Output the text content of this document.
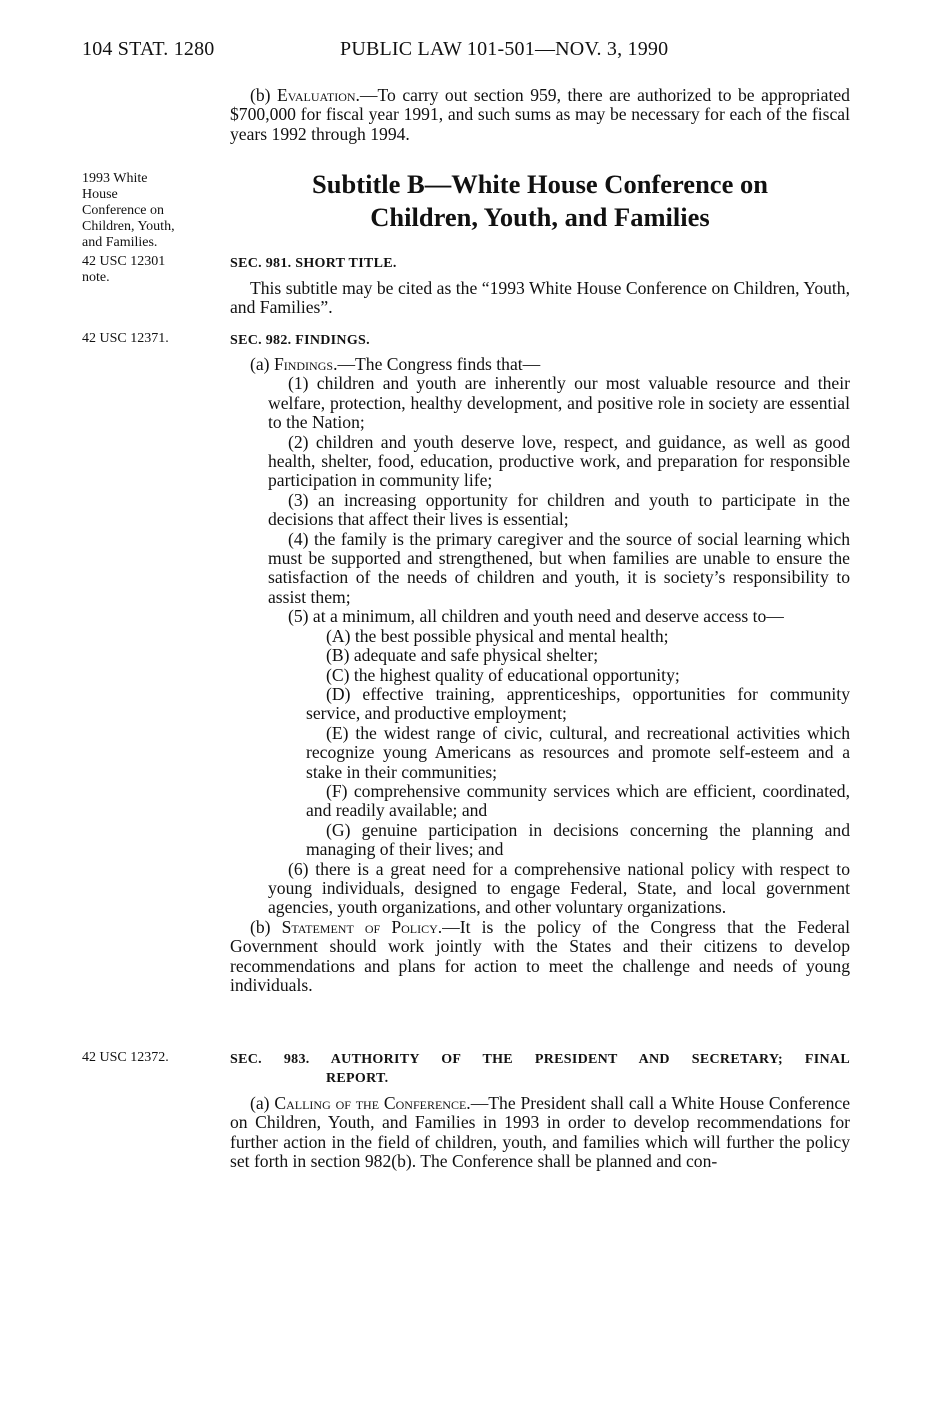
104 STAT. 1280	PUBLIC LAW 101-501—NOV. 3, 1990

(b) Evaluation.—To carry out section 959, there are authorized to be appropriated $700,000 for fiscal year 1991, and such sums as may be necessary for each of the fiscal years 1992 through 1994.

1993 White
House
Conference on
Children, Youth,
and Families.
42 USC 12301
note.
42 USC 12371.
42 USC 12372.
Subtitle B—White House Conference on
Children, Youth, and Families
SEC. 981. SHORT TITLE.

This subtitle may be cited as the “1993 White House Conference on Children, Youth, and Families”.

SEC. 982. FINDINGS.

(a) Findings.—The Congress finds that—

(1) children and youth are inherently our most valuable resource and their welfare, protection, healthy development, and positive role in society are essential to the Nation;

(2) children and youth deserve love, respect, and guidance, as well as good health, shelter, food, education, productive work, and preparation for responsible participation in community life;

(3) an increasing opportunity for children and youth to participate in the decisions that affect their lives is essential;

(4) the family is the primary caregiver and the source of social learning which must be supported and strengthened, but when families are unable to ensure the satisfaction of the needs of children and youth, it is society’s responsibility to assist them;

(5) at a minimum, all children and youth need and deserve access to—

(A) the best possible physical and mental health;

(B) adequate and safe physical shelter;

(C) the highest quality of educational opportunity;

(D) effective training, apprenticeships, opportunities for community service, and productive employment;

(E) the widest range of civic, cultural, and recreational activities which recognize young Americans as resources and promote self-esteem and a stake in their communities;

(F) comprehensive community services which are efficient, coordinated, and readily available; and

(G) genuine participation in decisions concerning the planning and managing of their lives; and

(6) there is a great need for a comprehensive national policy with respect to young individuals, designed to engage Federal, State, and local government agencies, youth organizations, and other voluntary organizations.

(b) Statement of Policy.—It is the policy of the Congress that the Federal Government should work jointly with the States and their citizens to develop recommendations and plans for action to meet the challenge and needs of young individuals.

SEC. 983. AUTHORITY OF THE PRESIDENT AND SECRETARY; FINAL
REPORT.

(a) Calling of the Conference.—The President shall call a White House Conference on Children, Youth, and Families in 1993 in order to develop recommendations for further action in the field of children, youth, and families which will further the policy set forth in section 982(b). The Conference shall be planned and con-
